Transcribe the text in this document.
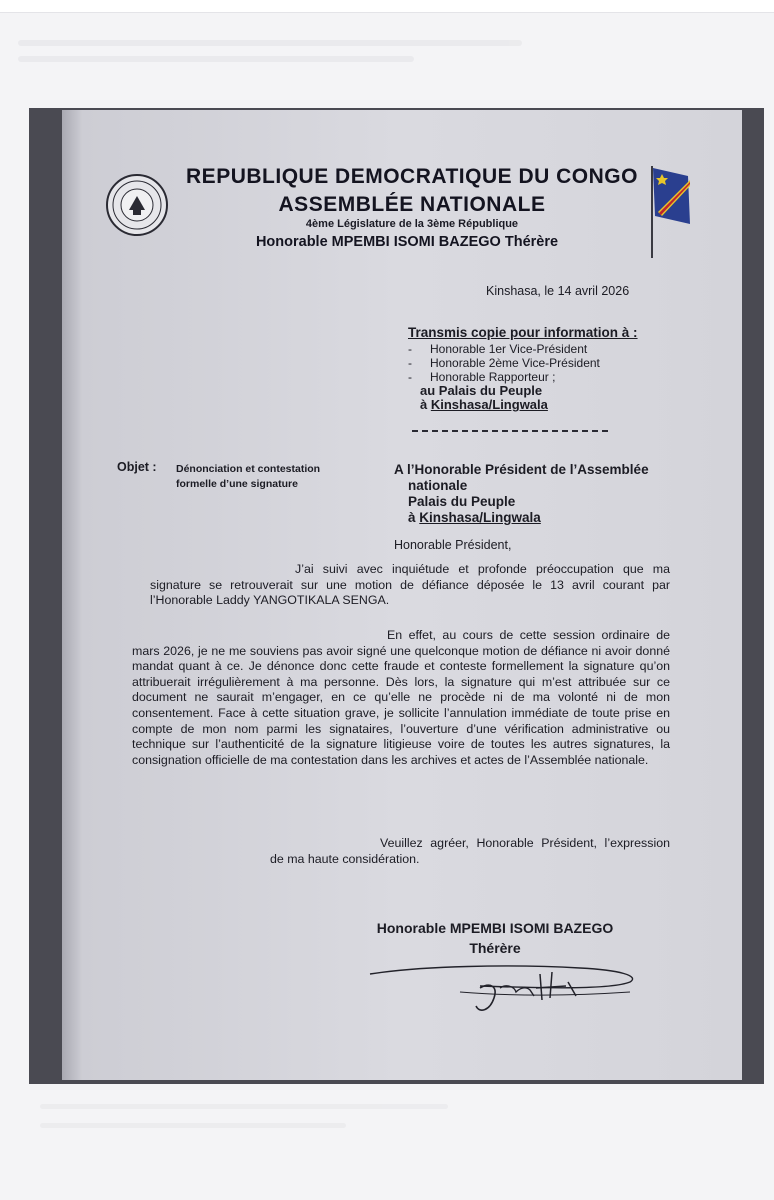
REPUBLIQUE DEMOCRATIQUE DU CONGO
ASSEMBLÉE NATIONALE
4ème Législature de la 3ème République
Honorable MPEMBI ISOMI BAZEGO Thérère
Kinshasa, le 14 avril 2026
Transmis copie pour information à :
- Honorable 1er Vice-Président
- Honorable 2ème Vice-Président
- Honorable Rapporteur ;
au Palais du Peuple
à Kinshasa/Lingwala
Objet : Dénonciation et contestation formelle d’une signature
A l’Honorable Président de l’Assemblée
nationale
Palais du Peuple
à Kinshasa/Lingwala
Honorable Président,
J’ai suivi avec inquiétude et profonde préoccupation que ma signature se retrouverait sur une motion de défiance déposée le 13 avril courant par l’Honorable Laddy YANGOTIKALA SENGA.
En effet, au cours de cette session ordinaire de mars 2026, je ne me souviens pas avoir signé une quelconque motion de défiance ni avoir donné mandat quant à ce. Je dénonce donc cette fraude et conteste formellement la signature qu’on attribuerait irrégulièrement à ma personne. Dès lors, la signature qui m’est attribuée sur ce document ne saurait m’engager, en ce qu’elle ne procède ni de ma volonté ni de mon consentement. Face à cette situation grave, je sollicite l’annulation immédiate de toute prise en compte de mon nom parmi les signataires, l’ouverture d’une vérification administrative ou technique sur l’authenticité de la signature litigieuse voire de toutes les autres signatures, la consignation officielle de ma contestation dans les archives et actes de l’Assemblée nationale.
Veuillez agréer, Honorable Président, l’expression de ma haute considération.
Honorable MPEMBI ISOMI BAZEGO
Thérère
